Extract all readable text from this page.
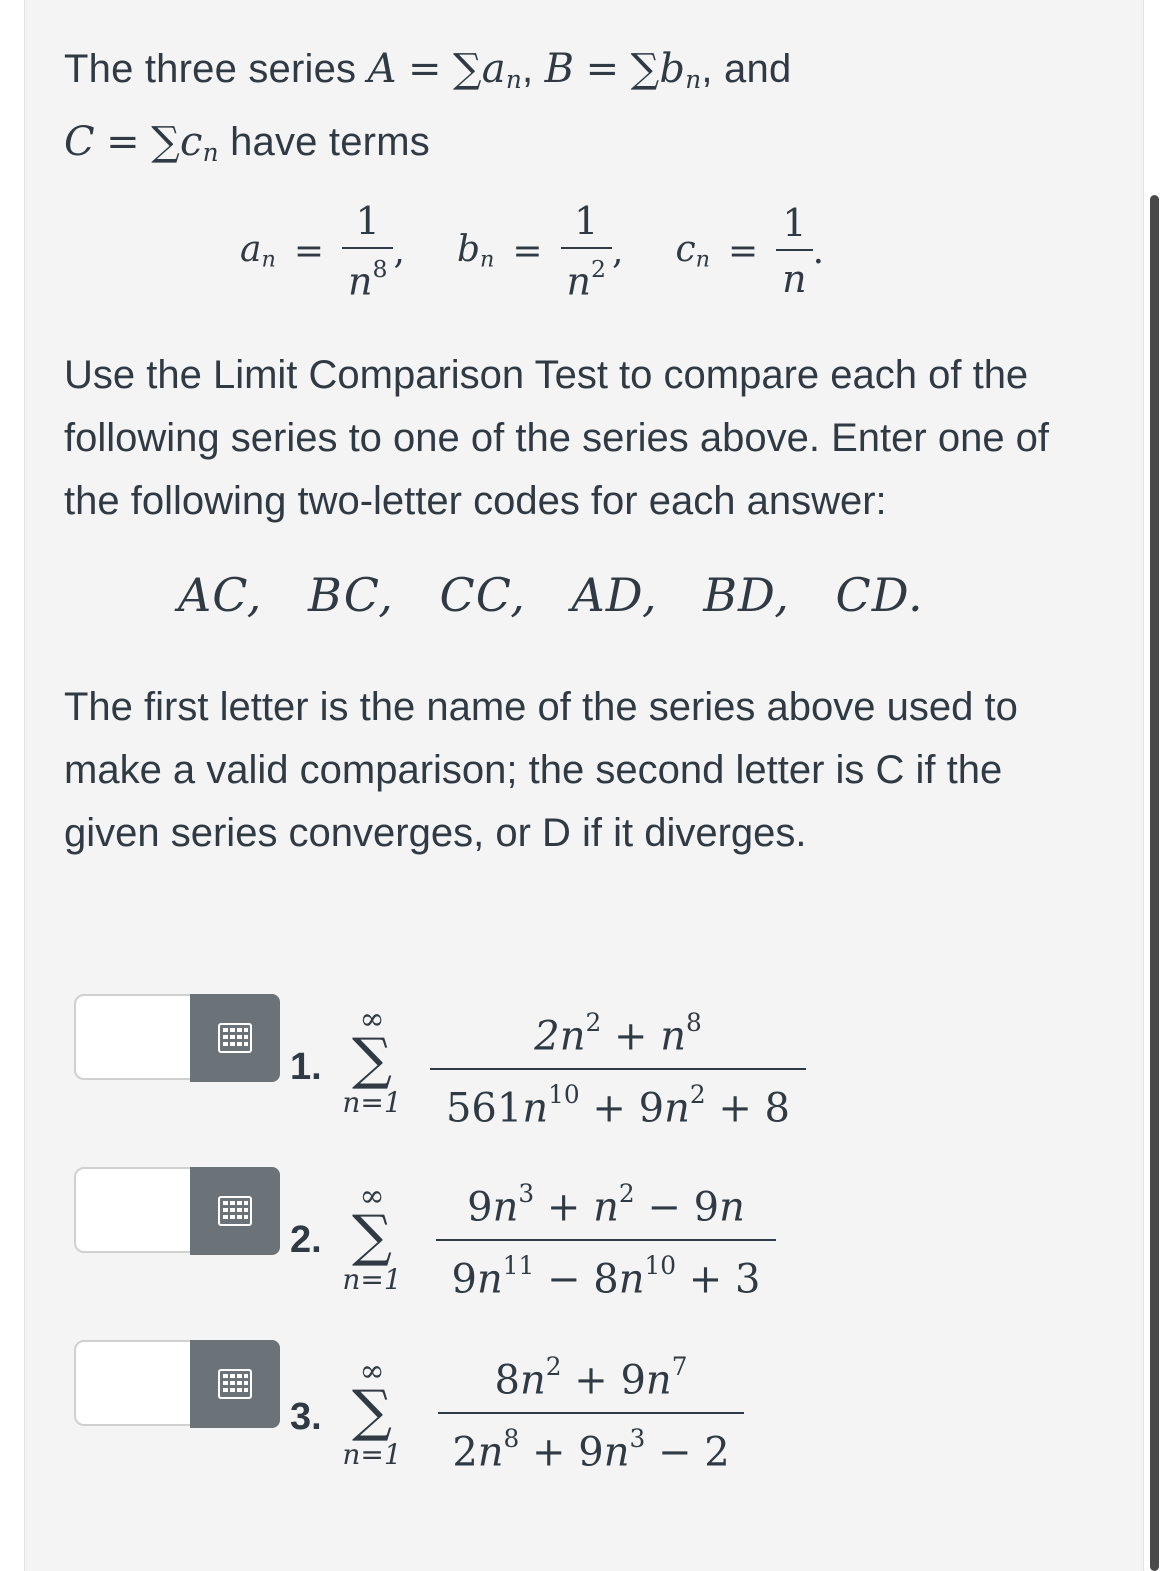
The three series $A = \sum a_n$, $B = \sum b_n$, and
$C = \sum c_n$ have terms
$a_n = \frac{1}{n^8}$ , $b_n = \frac{1}{n^2}$ , $c_n = \frac{1}{n}$ .
Use the Limit Comparison Test to compare each of the following series to one of the series above. Enter one of the following two-letter codes for each answer:
AC, BC, CC, AD, BD, CD.
The first letter is the name of the series above used to make a valid comparison; the second letter is C if the given series converges, or D if it diverges.
1.
∞
∑
$n=1 \frac{2n^2 + n^8}{561n^{10} + 9n^2 + 8}$
2.
∞
∑
$n=1 \frac{9n^3 + n^2 - 9n}{9n^{11} - 8n^{10} + 3}$
3.
∞
∑
$n=1 \frac{8n^2 + 9n^7}{2n^8 + 9n^3 - 2}$
